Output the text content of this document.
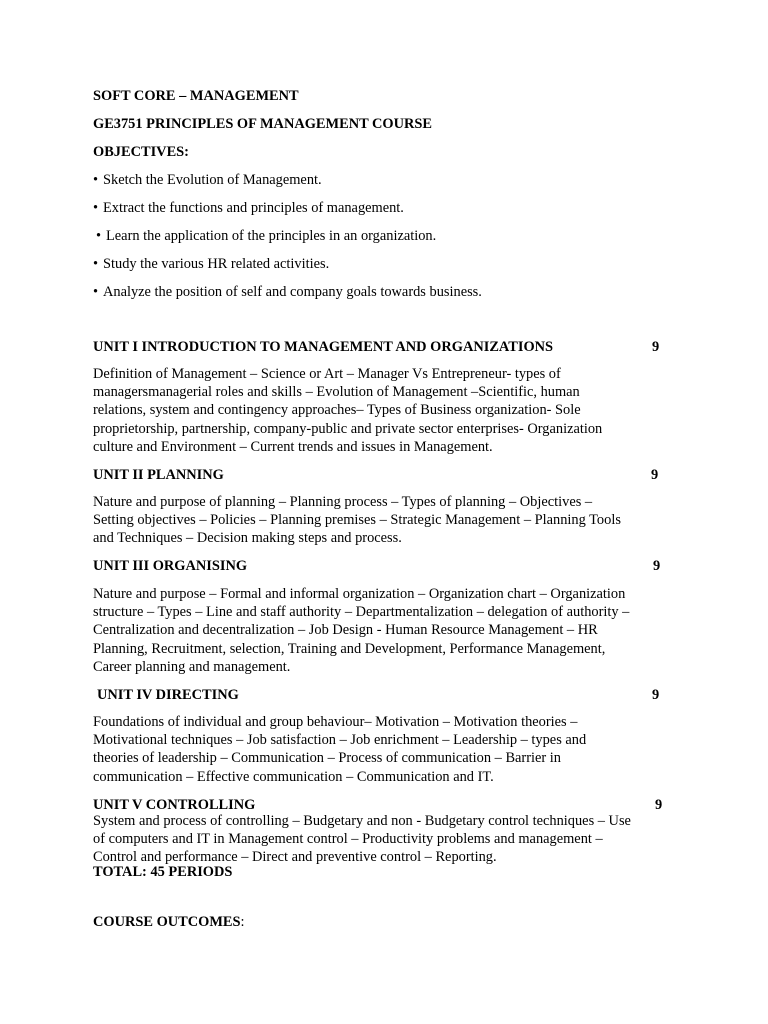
SOFT CORE – MANAGEMENT
GE3751 PRINCIPLES OF MANAGEMENT COURSE
OBJECTIVES:
• Sketch the Evolution of Management.
• Extract the functions and principles of management.
• Learn the application of the principles in an organization.
• Study the various HR related activities.
• Analyze the position of self and company goals towards business.
UNIT I INTRODUCTION TO MANAGEMENT AND ORGANIZATIONS	9
Definition of Management – Science or Art – Manager Vs Entrepreneur- types of
managersmanagerial roles and skills – Evolution of Management –Scientific, human
relations, system and contingency approaches– Types of Business organization- Sole
proprietorship, partnership, company-public and private sector enterprises- Organization
culture and Environment – Current trends and issues in Management.
UNIT II PLANNING	9
Nature and purpose of planning – Planning process – Types of planning – Objectives –
Setting objectives – Policies – Planning premises – Strategic Management – Planning Tools
and Techniques – Decision making steps and process.
UNIT III ORGANISING	9
Nature and purpose – Formal and informal organization – Organization chart – Organization
structure – Types – Line and staff authority – Departmentalization – delegation of authority –
Centralization and decentralization – Job Design - Human Resource Management – HR
Planning, Recruitment, selection, Training and Development, Performance Management,
Career planning and management.
UNIT IV DIRECTING	9
Foundations of individual and group behaviour– Motivation – Motivation theories –
Motivational techniques – Job satisfaction – Job enrichment – Leadership – types and
theories of leadership – Communication – Process of communication – Barrier in
communication – Effective communication – Communication and IT.
UNIT V CONTROLLING	9
System and process of controlling – Budgetary and non - Budgetary control techniques – Use
of computers and IT in Management control – Productivity problems and management –
Control and performance – Direct and preventive control – Reporting.
TOTAL: 45 PERIODS
COURSE OUTCOMES:
